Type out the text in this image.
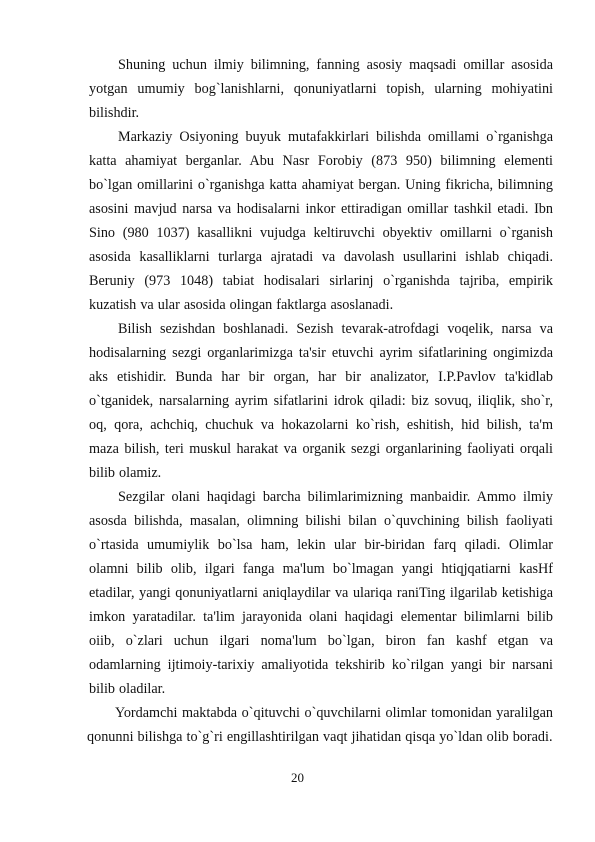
Shuning uchun ilmiy bilimning, fanning asosiy maqsadi omillar asosida yotgan umumiy bog`lanishlarni, qonuniyatlarni topish, ularning mohiyatini bilishdir.

Markaziy Osiyoning buyuk mutafakkirlari bilishda omillami o`rganishga katta ahamiyat berganlar. Abu Nasr Forobiy (873 950) bilimning elementi bo`lgan omillarini o`rganishga katta ahamiyat bergan. Uning fikricha, bilimning asosini mavjud narsa va hodisalarni inkor ettiradigan omillar tashkil etadi. Ibn Sino (980 1037) kasallikni vujudga keltiruvchi obyektiv omillarni o`rganish asosida kasalliklarni turlarga ajratadi va davolash usullarini ishlab chiqadi. Beruniy (973 1048) tabiat hodisalari sirlarinj o`rganishda tajriba, empirik kuzatish va ular asosida olingan faktlarga asoslanadi.

Bilish sezishdan boshlanadi. Sezish tevarak-atrofdagi voqelik, narsa va hodisalarning sezgi organlarimizga ta'sir etuvchi ayrim sifatlarining ongimizda aks etishidir. Bunda har bir organ, har bir analizator, I.P.Pavlov ta'kidlab o`tganidek, narsalarning ayrim sifatlarini idrok qiladi: biz sovuq, iliqlik, sho`r, oq, qora, achchiq, chuchuk va hokazolarni ko`rish, eshitish, hid bilish, ta'm maza bilish, teri muskul harakat va organik sezgi organlarining faoliyati orqali bilib olamiz.

Sezgilar olani haqidagi barcha bilimlarimizning manbaidir. Ammo ilmiy asosda bilishda, masalan, olimning bilishi bilan o`quvchining bilish faoliyati o`rtasida umumiylik bo`lsa ham, lekin ular bir-biridan farq qiladi. Olimlar olamni bilib olib, ilgari fanga ma'lum bo`lmagan yangi htiqjqatiarni kasHf etadilar, yangi qonuniyatlarni aniqlaydilar va ulariqa raniTing ilgarilab ketishiga imkon yaratadilar. ta'lim jarayonida olani haqidagi elementar bilimlarni bilib oiib, o`zlari uchun ilgari noma'lum bo`lgan, biron fan kashf etgan va odamlarning ijtimoiy-tarixiy amaliyotida tekshirib ko`rilgan yangi bir narsani bilib oladilar.

Yordamchi maktabda o`qituvchi o`quvchilarni olimlar tomonidan yaralilgan qonunni bilishga to`g`ri engillashtirilgan vaqt jihatidan qisqa yo`ldan olib boradi.

20
